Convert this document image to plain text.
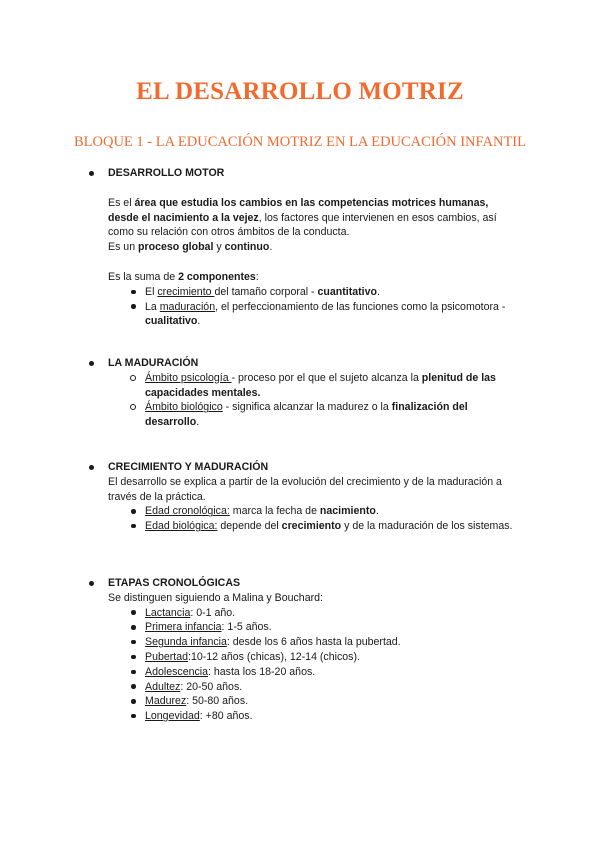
EL DESARROLLO MOTRIZ
BLOQUE 1 - LA EDUCACIÓN MOTRIZ EN LA EDUCACIÓN INFANTIL
DESARROLLO MOTOR
Es el área que estudia los cambios en las competencias motrices humanas, desde el nacimiento a la vejez, los factores que intervienen en esos cambios, así como su relación con otros ámbitos de la conducta.
Es un proceso global y continuo.
Es la suma de 2 componentes:
El crecimiento del tamaño corporal - cuantitativo.
La maduración, el perfeccionamiento de las funciones como la psicomotora - cualitativo.
LA MADURACIÓN
Ámbito psicología - proceso por el que el sujeto alcanza la plenitud de las capacidades mentales.
Ámbito biológico - significa alcanzar la madurez o la finalización del desarrollo.
CRECIMIENTO Y MADURACIÓN
El desarrollo se explica a partir de la evolución del crecimiento y de la maduración a través de la práctica.
Edad cronológica: marca la fecha de nacimiento.
Edad biológica: depende del crecimiento y de la maduración de los sistemas.
ETAPAS CRONOLÓGICAS
Se distinguen siguiendo a Malina y Bouchard:
Lactancia: 0-1 año.
Primera infancia: 1-5 años.
Segunda infancia: desde los 6 años hasta la pubertad.
Pubertad:10-12 años (chicas), 12-14 (chicos).
Adolescencia: hasta los 18-20 años.
Adultez: 20-50 años.
Madurez: 50-80 años.
Longevidad: +80 años.
